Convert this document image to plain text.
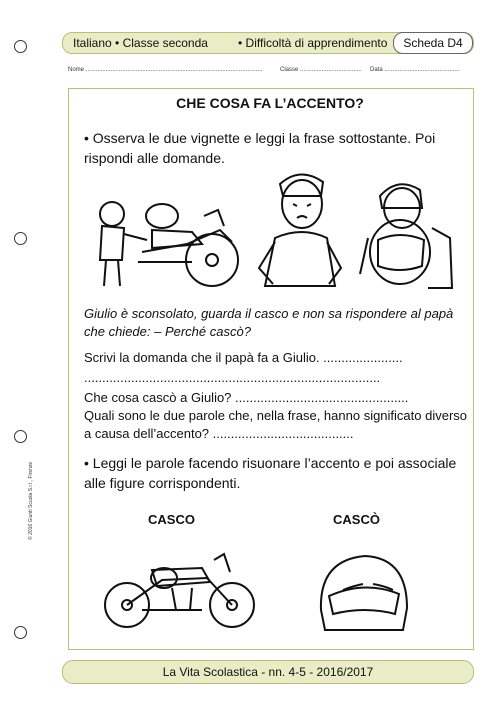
Italiano • Classe seconda	• Difficoltà di apprendimento	Scheda D4
Nome ..........................................................................................................	Classe ..................................... Data .............................................
CHE COSA FA L’ACCENTO?
• Osserva le due vignette e leggi la frase sottostante. Poi rispondi alle domande.
Giulio è sconsolato, guarda il casco e non sa rispondere al papà che chiede: – Perché cascò?
Scrivi la domanda che il papà fa a Giulio. ......................
..................................................................................
Che cosa cascò a Giulio? ................................................
Quali sono le due parole che, nella frase, hanno significato diverso a causa dell’accento? .......................................
• Leggi le parole facendo risuonare l’accento e poi associale alle figure corrispondenti.
CASCO	CASCÒ
© 2016 Giunti Scuola S.r.l., Firenze
La Vita Scolastica - nn. 4-5 - 2016/2017
